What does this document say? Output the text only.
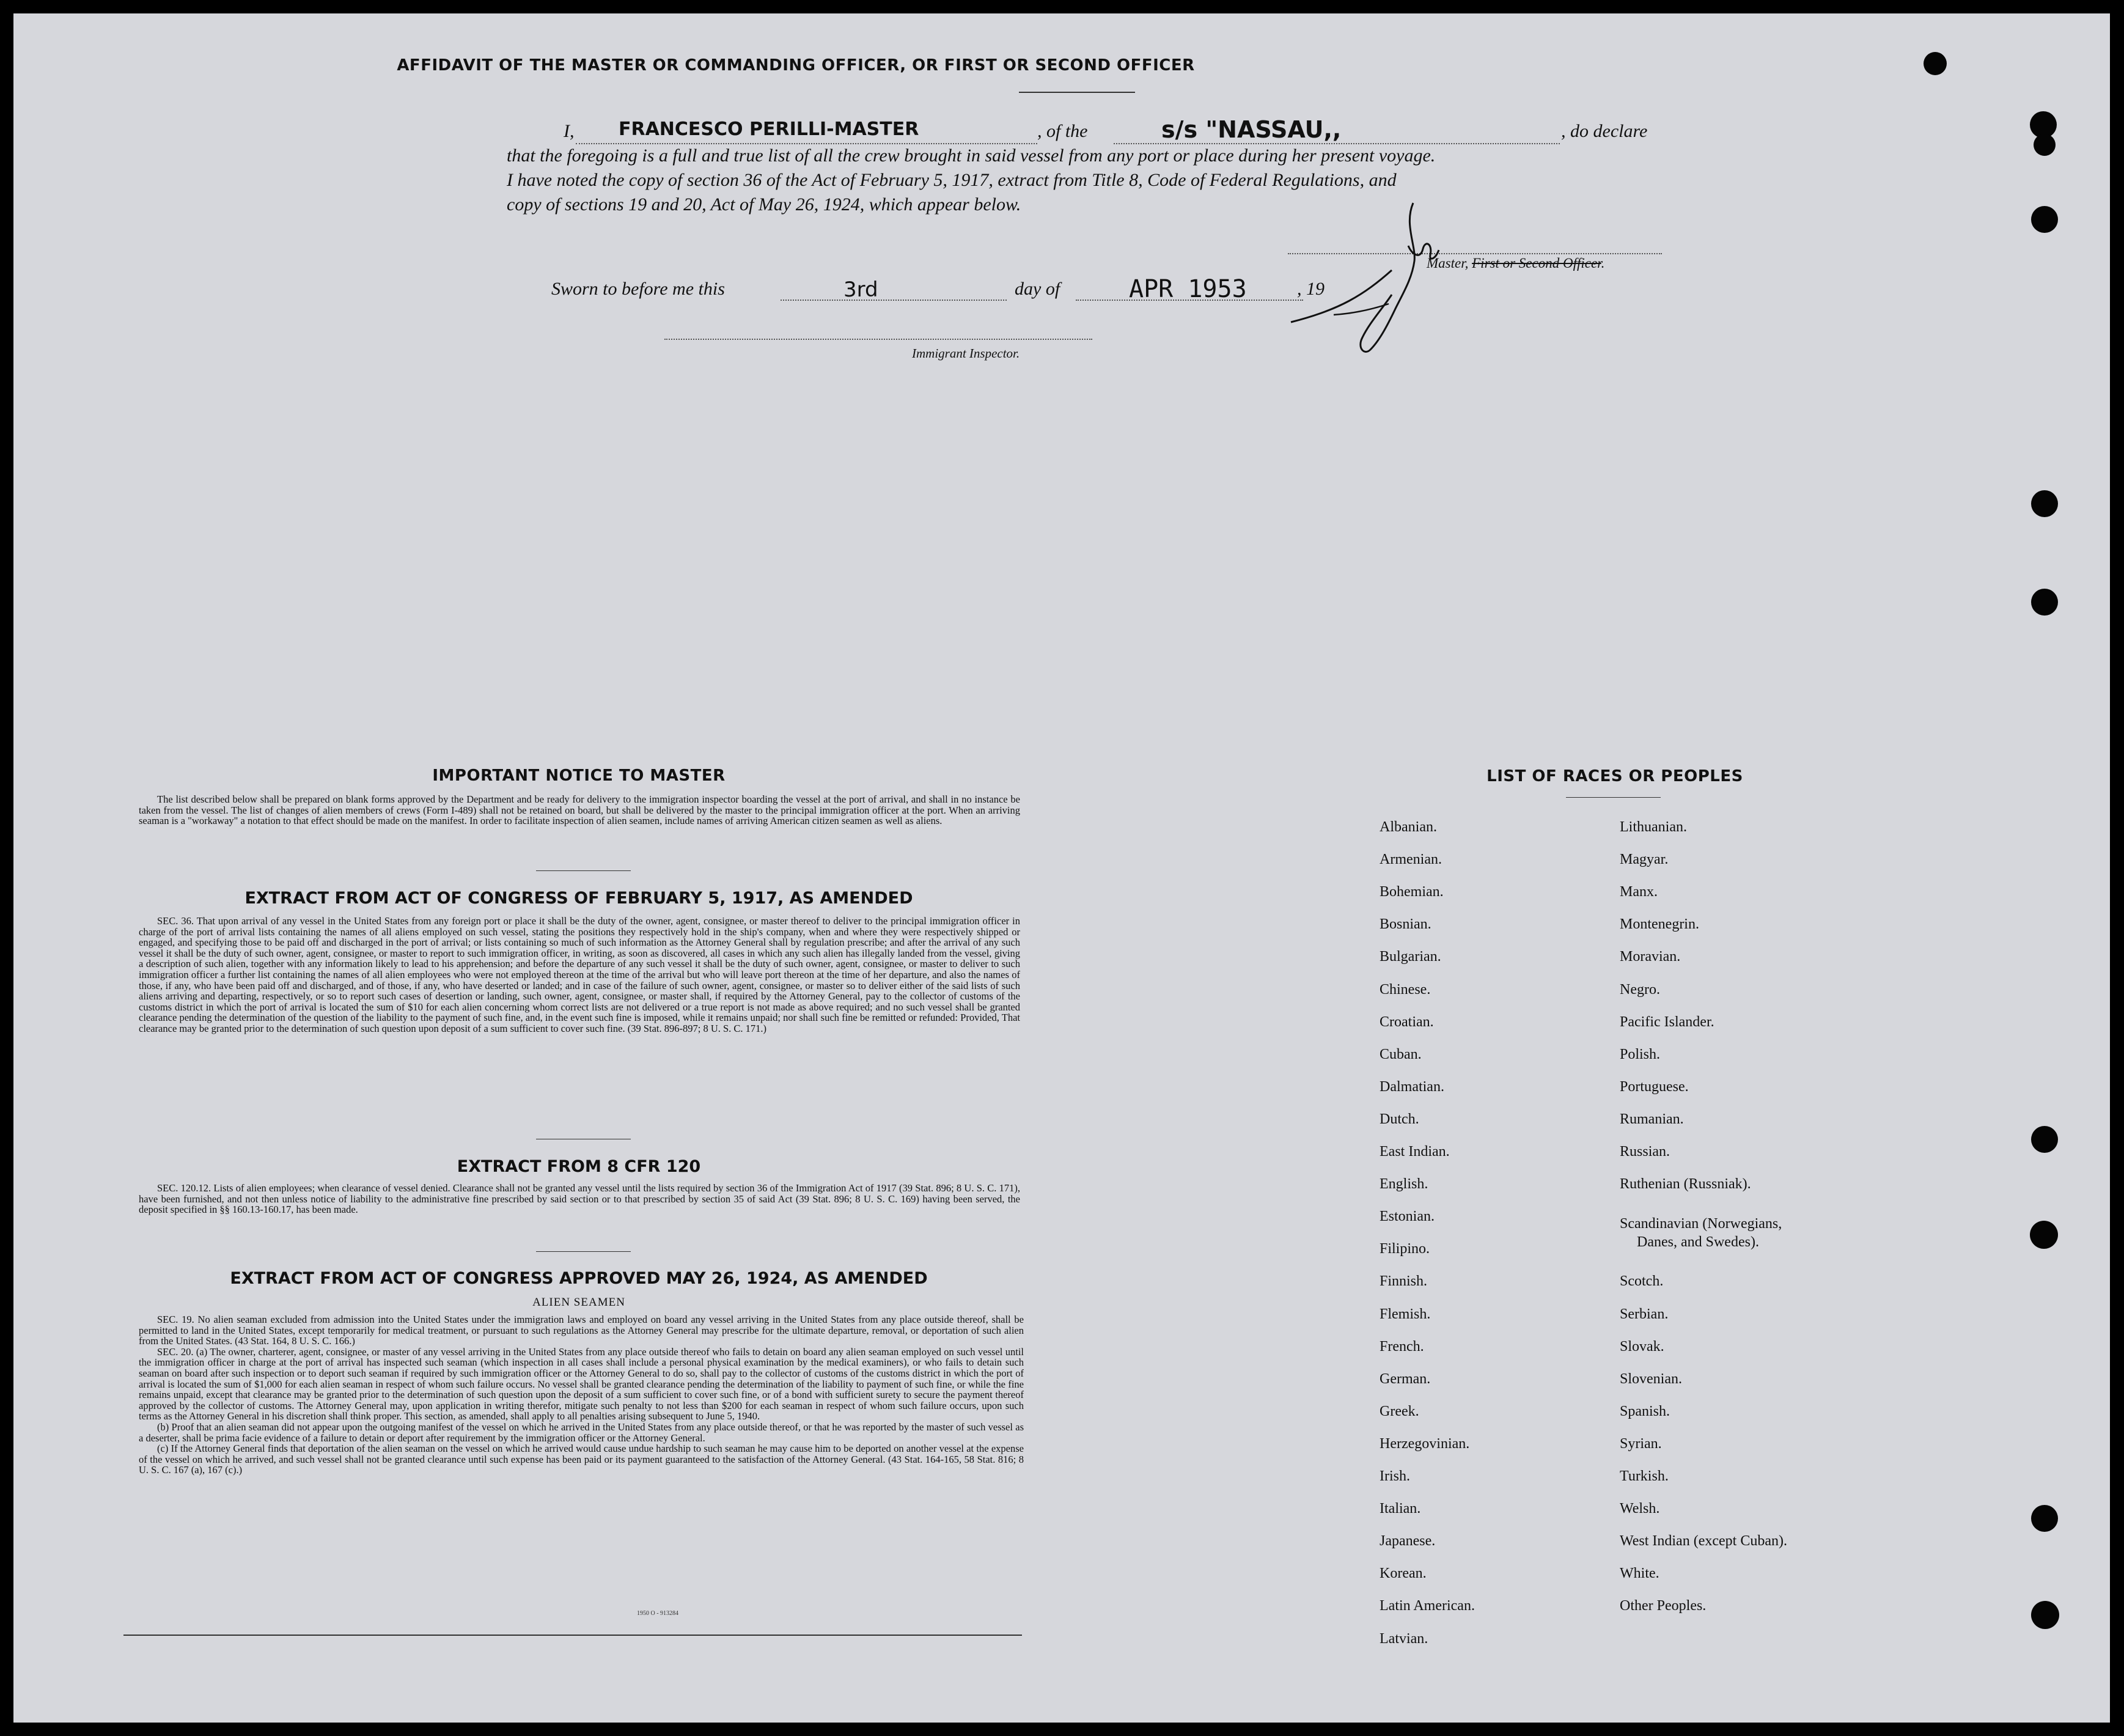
AFFIDAVIT OF THE MASTER OR COMMANDING OFFICER, OR FIRST OR SECOND OFFICER
I, FRANCESCO PERILLI-MASTER	, of the	s/s "NASSAU,,	, do declare
that the foregoing is a full and true list of all the crew brought in said vessel from any port or place during her present voyage.
I have noted the copy of section 36 of the Act of February 5, 1917, extract from Title 8, Code of Federal Regulations, and
copy of sections 19 and 20, Act of May 26, 1924, which appear below.
Master, First or Second Officer.
Sworn to before me this	3rd	day of	APR 1953	, 19
Immigrant Inspector.
IMPORTANT NOTICE TO MASTER

The list described below shall be prepared on blank forms approved by the Department and be ready for delivery to the immigration inspector boarding the vessel at the port of arrival, and shall in no instance be taken from the vessel. The list of changes of alien members of crews (Form I-489) shall not be retained on board, but shall be delivered by the master to the principal immigration officer at the port. When an arriving seaman is a "workaway" a notation to that effect should be made on the manifest. In order to facilitate inspection of alien seamen, include names of arriving American citizen seamen as well as aliens.

EXTRACT FROM ACT OF CONGRESS OF FEBRUARY 5, 1917, AS AMENDED

SEC. 36. That upon arrival of any vessel in the United States from any foreign port or place it shall be the duty of the owner, agent, consignee, or master thereof to deliver to the principal immigration officer in charge of the port of arrival lists containing the names of all aliens employed on such vessel, stating the positions they respectively hold in the ship's company, when and where they were respectively shipped or engaged, and specifying those to be paid off and discharged in the port of arrival; or lists containing so much of such information as the Attorney General shall by regulation prescribe; and after the arrival of any such vessel it shall be the duty of such owner, agent, consignee, or master to report to such immigration officer, in writing, as soon as discovered, all cases in which any such alien has illegally landed from the vessel, giving a description of such alien, together with any information likely to lead to his apprehension; and before the departure of any such vessel it shall be the duty of such owner, agent, consignee, or master to deliver to such immigration officer a further list containing the names of all alien employees who were not employed thereon at the time of the arrival but who will leave port thereon at the time of her departure, and also the names of those, if any, who have been paid off and discharged, and of those, if any, who have deserted or landed; and in case of the failure of such owner, agent, consignee, or master so to deliver either of the said lists of such aliens arriving and departing, respectively, or so to report such cases of desertion or landing, such owner, agent, consignee, or master shall, if required by the Attorney General, pay to the collector of customs of the customs district in which the port of arrival is located the sum of $10 for each alien concerning whom correct lists are not delivered or a true report is not made as above required; and no such vessel shall be granted clearance pending the determination of the question of the liability to the payment of such fine, and, in the event such fine is imposed, while it remains unpaid; nor shall such fine be remitted or refunded: Provided, That clearance may be granted prior to the determination of such question upon deposit of a sum sufficient to cover such fine. (39 Stat. 896-897; 8 U. S. C. 171.)

EXTRACT FROM 8 CFR 120

SEC. 120.12. Lists of alien employees; when clearance of vessel denied. Clearance shall not be granted any vessel until the lists required by section 36 of the Immigration Act of 1917 (39 Stat. 896; 8 U. S. C. 171), have been furnished, and not then unless notice of liability to the administrative fine prescribed by said section or to that prescribed by section 35 of said Act (39 Stat. 896; 8 U. S. C. 169) having been served, the deposit specified in §§ 160.13-160.17, has been made.

EXTRACT FROM ACT OF CONGRESS APPROVED MAY 26, 1924, AS AMENDED
ALIEN SEAMEN

SEC. 19. No alien seaman excluded from admission into the United States under the immigration laws and employed on board any vessel arriving in the United States from any place outside thereof, shall be permitted to land in the United States, except temporarily for medical treatment, or pursuant to such regulations as the Attorney General may prescribe for the ultimate departure, removal, or deportation of such alien from the United States. (43 Stat. 164, 8 U. S. C. 166.)

SEC. 20. (a) The owner, charterer, agent, consignee, or master of any vessel arriving in the United States from any place outside thereof who fails to detain on board any alien seaman employed on such vessel until the immigration officer in charge at the port of arrival has inspected such seaman (which inspection in all cases shall include a personal physical examination by the medical examiners), or who fails to detain such seaman on board after such inspection or to deport such seaman if required by such immigration officer or the Attorney General to do so, shall pay to the collector of customs of the customs district in which the port of arrival is located the sum of $1,000 for each alien seaman in respect of whom such failure occurs. No vessel shall be granted clearance pending the determination of the liability to payment of such fine, or while the fine remains unpaid, except that clearance may be granted prior to the determination of such question upon the deposit of a sum sufficient to cover such fine, or of a bond with sufficient surety to secure the payment thereof approved by the collector of customs. The Attorney General may, upon application in writing therefor, mitigate such penalty to not less than $200 for each seaman in respect of whom such failure occurs, upon such terms as the Attorney General in his discretion shall think proper. This section, as amended, shall apply to all penalties arising subsequent to June 5, 1940.

(b) Proof that an alien seaman did not appear upon the outgoing manifest of the vessel on which he arrived in the United States from any place outside thereof, or that he was reported by the master of such vessel as a deserter, shall be prima facie evidence of a failure to detain or deport after requirement by the immigration officer or the Attorney General.

(c) If the Attorney General finds that deportation of the alien seaman on the vessel on which he arrived would cause undue hardship to such seaman he may cause him to be deported on another vessel at the expense of the vessel on which he arrived, and such vessel shall not be granted clearance until such expense has been paid or its payment guaranteed to the satisfaction of the Attorney General. (43 Stat. 164-165, 58 Stat. 816; 8 U. S. C. 167 (a), 167 (c).)

1950 O - 913284
LIST OF RACES OR PEOPLES
Albanian.
Armenian.
Bohemian.
Bosnian.
Bulgarian.
Chinese.
Croatian.
Cuban.
Dalmatian.
Dutch.
East Indian.
English.
Estonian.
Filipino.
Finnish.
Flemish.
French.
German.
Greek.
Herzegovinian.
Irish.
Italian.
Japanese.
Korean.
Latin American.
Latvian.
Lithuanian.
Magyar.
Manx.
Montenegrin.
Moravian.
Negro.
Pacific Islander.
Polish.
Portuguese.
Rumanian.
Russian.
Ruthenian (Russniak).
Scandinavian (Norwegians,
Danes, and Swedes).
Scotch.
Serbian.
Slovak.
Slovenian.
Spanish.
Syrian.
Turkish.
Welsh.
West Indian (except Cuban).
White.
Other Peoples.
